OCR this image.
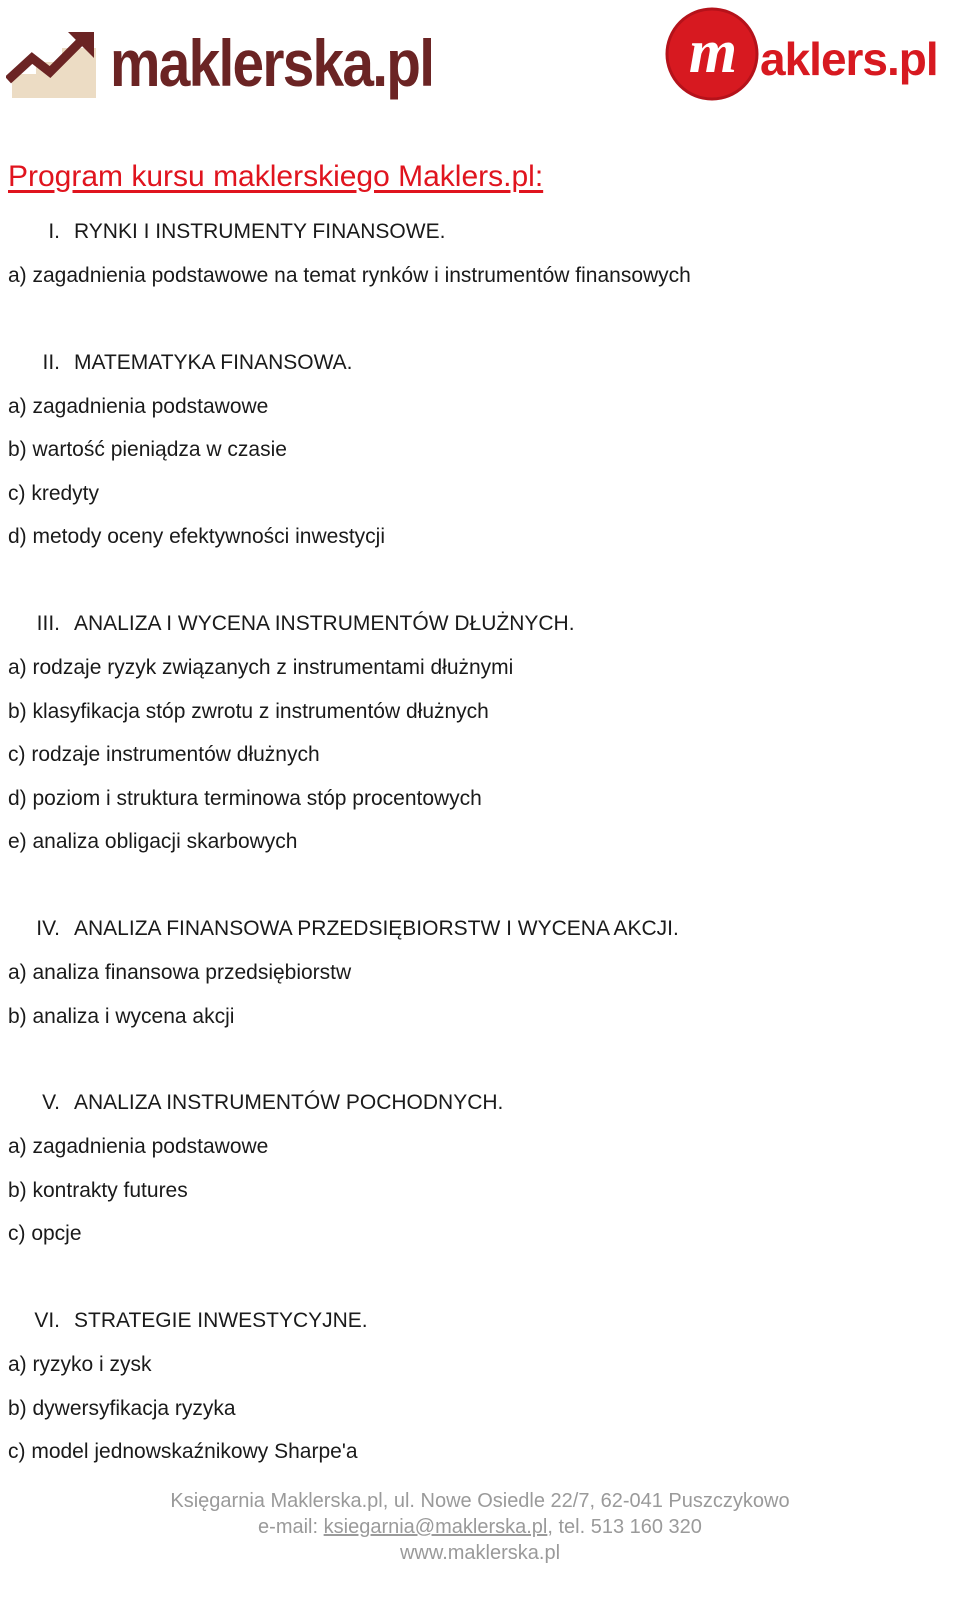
maklerska.pl	m aklers.pl
Program kursu maklerskiego Maklers.pl:
I. RYNKI I INSTRUMENTY FINANSOWE.
a) zagadnienia podstawowe na temat rynków i instrumentów finansowych
II. MATEMATYKA FINANSOWA.
a) zagadnienia podstawowe
b) wartość pieniądza w czasie
c) kredyty
d) metody oceny efektywności inwestycji
III. ANALIZA I WYCENA INSTRUMENTÓW DŁUŻNYCH.
a) rodzaje ryzyk związanych z instrumentami dłużnymi
b) klasyfikacja stóp zwrotu z instrumentów dłużnych
c) rodzaje instrumentów dłużnych
d) poziom i struktura terminowa stóp procentowych
e) analiza obligacji skarbowych
IV. ANALIZA FINANSOWA PRZEDSIĘBIORSTW I WYCENA AKCJI.
a) analiza finansowa przedsiębiorstw
b) analiza i wycena akcji
V. ANALIZA INSTRUMENTÓW POCHODNYCH.
a) zagadnienia podstawowe
b) kontrakty futures
c) opcje
VI. STRATEGIE INWESTYCYJNE.
a) ryzyko i zysk
b) dywersyfikacja ryzyka
c) model jednowskaźnikowy Sharpe'a
Księgarnia Maklerska.pl, ul. Nowe Osiedle 22/7, 62-041 Puszczykowo
e-mail: ksiegarnia@maklerska.pl, tel. 513 160 320
www.maklerska.pl
